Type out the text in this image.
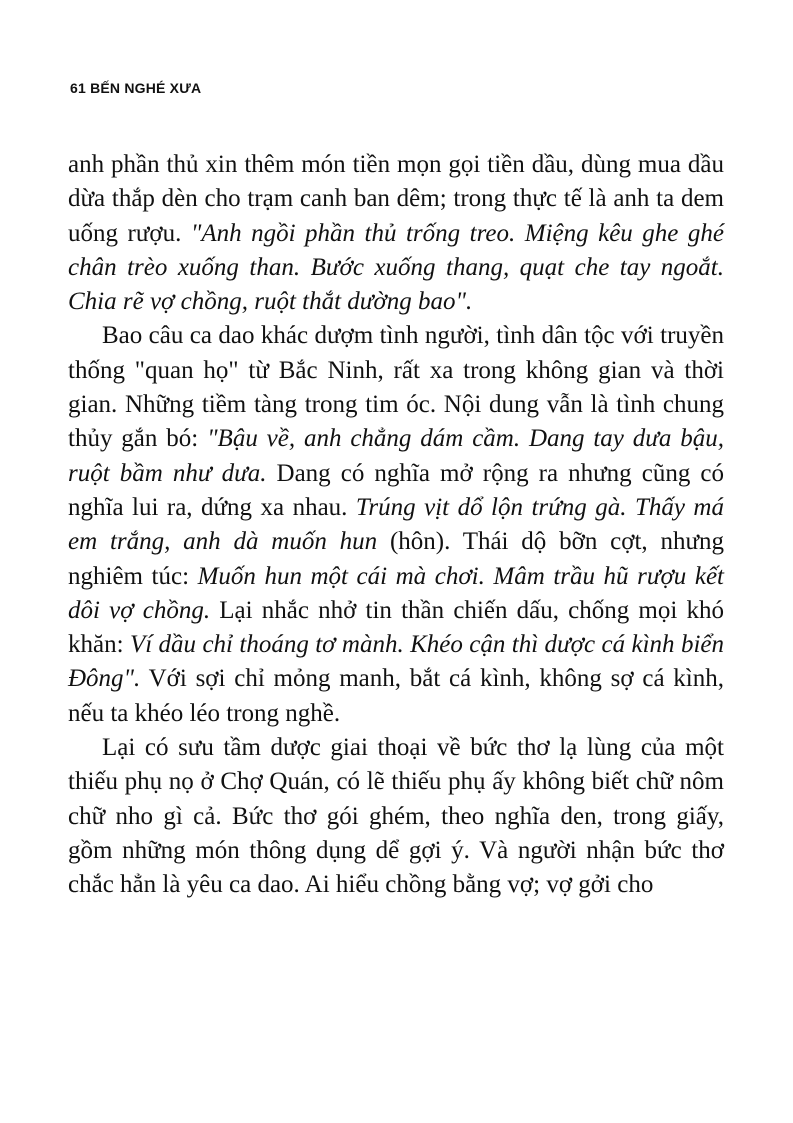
61 BẾN NGHÉ XƯA

anh phần thủ xin thêm món tiền mọn gọi tiền dầu, dùng mua dầu dừa thắp dèn cho trạm canh ban dêm; trong thực tế là anh ta dem uống rượu. "Anh ngồi phần thủ trống treo. Miệng kêu ghe ghé chân trèo xuống than. Bước xuống thang, quạt che tay ngoắt. Chia rẽ vợ chồng, ruột thắt dường bao".

Bao câu ca dao khác dượm tình người, tình dân tộc với truyền thống "quan họ" từ Bắc Ninh, rất xa trong không gian và thời gian. Những tiềm tàng trong tim óc. Nội dung vẫn là tình chung thủy gắn bó: "Bậu về, anh chẳng dám cầm. Dang tay dưa bậu, ruột bầm như dưa. Dang có nghĩa mở rộng ra nhưng cũng có nghĩa lui ra, dứng xa nhau. Trúng vịt dổ lộn trứng gà. Thấy má em trắng, anh dà muốn hun (hôn). Thái dộ bỡn cợt, nhưng nghiêm túc: Muốn hun một cái mà chơi. Mâm trầu hũ rượu kết dôi vợ chồng. Lại nhắc nhở tin thần chiến dấu, chống mọi khó khăn: Ví dầu chỉ thoáng tơ mành. Khéo cận thì dược cá kình biển Đông". Với sợi chỉ mỏng manh, bắt cá kình, không sợ cá kình, nếu ta khéo léo trong nghề.

Lại có sưu tầm dược giai thoại về bức thơ lạ lùng của một thiếu phụ nọ ở Chợ Quán, có lẽ thiếu phụ ấy không biết chữ nôm chữ nho gì cả. Bức thơ gói ghém, theo nghĩa den, trong giấy, gồm những món thông dụng dể gợi ý. Và người nhận bức thơ chắc hẳn là yêu ca dao. Ai hiểu chồng bằng vợ; vợ gởi cho
